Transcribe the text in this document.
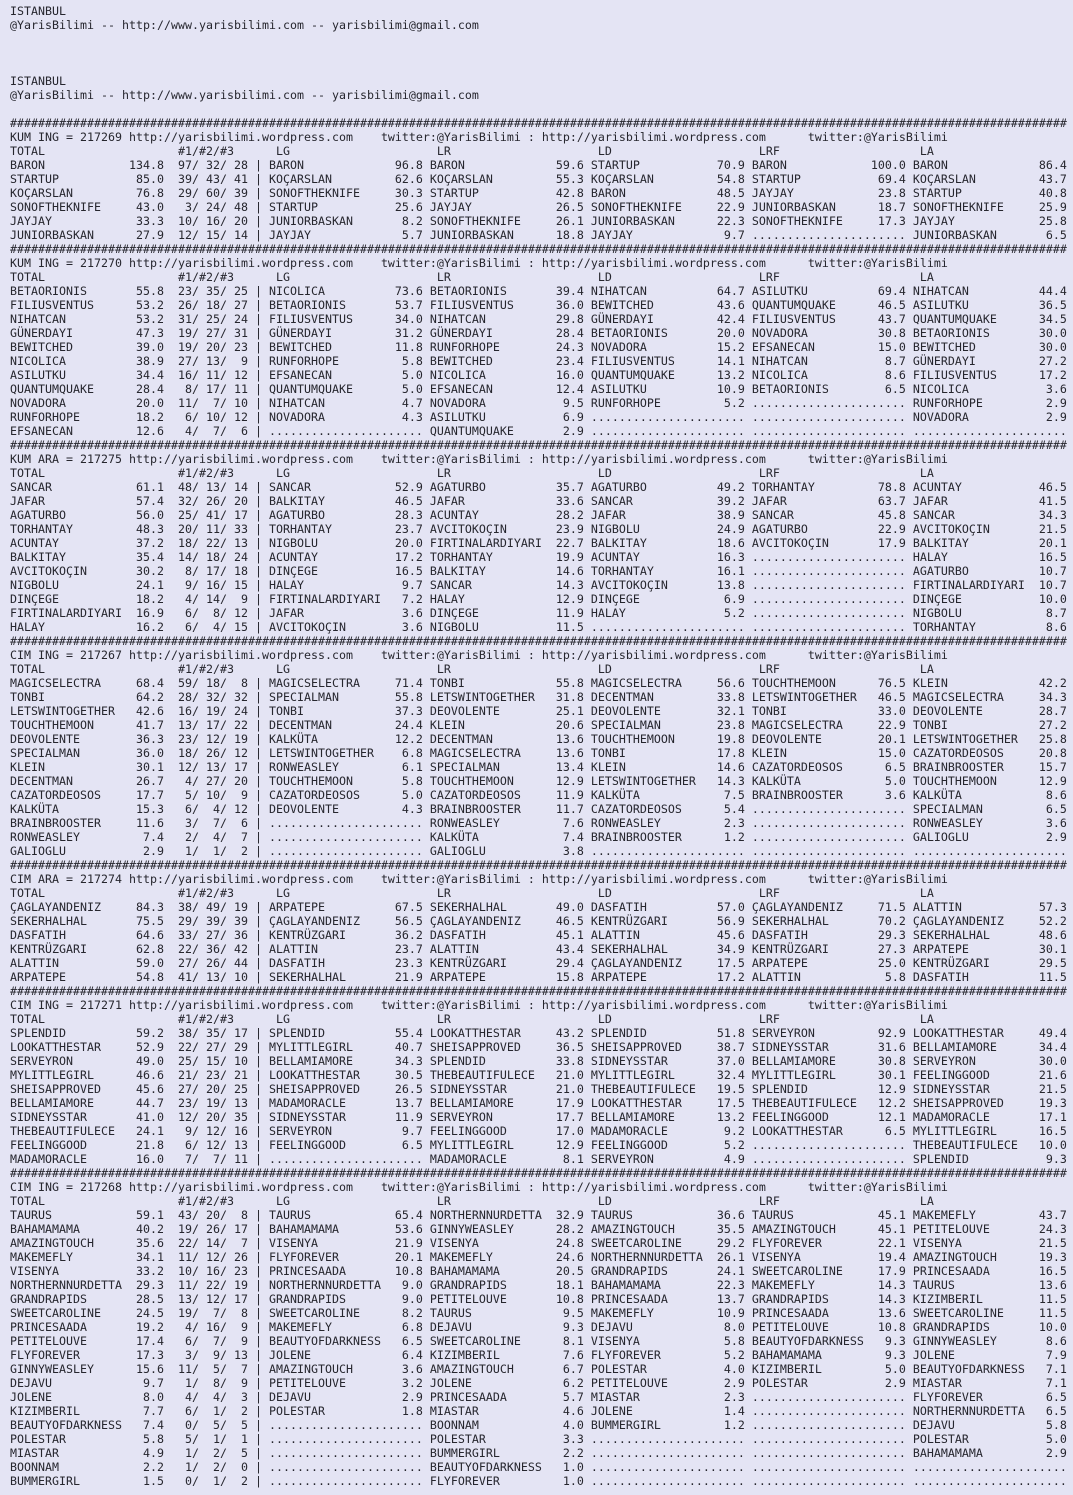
ISTANBUL
@YarisBilimi -- http://www.yarisbilimi.com -- yarisbilimi@gmail.com
ISTANBUL
@YarisBilimi -- http://www.yarisbilimi.com -- yarisbilimi@gmail.com
#######################################################################################################################################################
KUM ING = 217269 http://yarisbilimi.wordpress.com    twitter:@YarisBilimi : http://yarisbilimi.wordpress.com      twitter:@YarisBilimi
TOTAL                   #1/#2/#3      LG                     LR                     LD                     LRF                    LA
BARON            134.8  97/ 32/ 28 | BARON             96.8 BARON             59.6 STARTUP           70.9 BARON            100.0 BARON             86.4
STARTUP           85.0  39/ 43/ 41 | KOÇARSLAN         62.6 KOÇARSLAN         55.3 KOÇARSLAN         54.8 STARTUP           69.4 KOÇARSLAN         43.7
KOÇARSLAN         76.8  29/ 60/ 39 | SONOFTHEKNIFE     30.3 STARTUP           42.8 BARON             48.5 JAYJAY            23.8 STARTUP           40.8
SONOFTHEKNIFE     43.0   3/ 24/ 48 | STARTUP           25.6 JAYJAY            26.5 SONOFTHEKNIFE     22.9 JUNIORBASKAN      18.7 SONOFTHEKNIFE     25.9
JAYJAY            33.3  10/ 16/ 20 | JUNIORBASKAN       8.2 SONOFTHEKNIFE     26.1 JUNIORBASKAN      22.3 SONOFTHEKNIFE     17.3 JAYJAY            25.8
JUNIORBASKAN      27.9  12/ 15/ 14 | JAYJAY             5.7 JUNIORBASKAN      18.8 JAYJAY             9.7 ...................... JUNIORBASKAN       6.5
#######################################################################################################################################################
KUM ING = 217270 http://yarisbilimi.wordpress.com    twitter:@YarisBilimi : http://yarisbilimi.wordpress.com      twitter:@YarisBilimi
TOTAL                   #1/#2/#3      LG                     LR                     LD                     LRF                    LA
BETAORIONIS       55.8  23/ 35/ 25 | NICOLICA          73.6 BETAORIONIS       39.4 NIHATCAN          64.7 ASILUTKU          69.4 NIHATCAN          44.4
FILIUSVENTUS      53.2  26/ 18/ 27 | BETAORIONIS       53.7 FILIUSVENTUS      36.0 BEWITCHED         43.6 QUANTUMQUAKE      46.5 ASILUTKU          36.5
NIHATCAN          53.2  31/ 25/ 24 | FILIUSVENTUS      34.0 NIHATCAN          29.8 GÜNERDAYI         42.4 FILIUSVENTUS      43.7 QUANTUMQUAKE      34.5
GÜNERDAYI         47.3  19/ 27/ 31 | GÜNERDAYI         31.2 GÜNERDAYI         28.4 BETAORIONIS       20.0 NOVADORA          30.8 BETAORIONIS       30.0
BEWITCHED         39.0  19/ 20/ 23 | BEWITCHED         11.8 RUNFORHOPE        24.3 NOVADORA          15.2 EFSANECAN         15.0 BEWITCHED         30.0
NICOLICA          38.9  27/ 13/  9 | RUNFORHOPE         5.8 BEWITCHED         23.4 FILIUSVENTUS      14.1 NIHATCAN           8.7 GÜNERDAYI         27.2
ASILUTKU          34.4  16/ 11/ 12 | EFSANECAN          5.0 NICOLICA          16.0 QUANTUMQUAKE      13.2 NICOLICA           8.6 FILIUSVENTUS      17.2
QUANTUMQUAKE      28.4   8/ 17/ 11 | QUANTUMQUAKE       5.0 EFSANECAN         12.4 ASILUTKU          10.9 BETAORIONIS        6.5 NICOLICA           3.6
NOVADORA          20.0  11/  7/ 10 | NIHATCAN           4.7 NOVADORA           9.5 RUNFORHOPE         5.2 ...................... RUNFORHOPE         2.9
RUNFORHOPE        18.2   6/ 10/ 12 | NOVADORA           4.3 ASILUTKU           6.9 ...................... ...................... NOVADORA           2.9
EFSANECAN         12.6   4/  7/  6 | ...................... QUANTUMQUAKE       2.9 ...................... ...................... ......................
#######################################################################################################################################################
KUM ARA = 217275 http://yarisbilimi.wordpress.com    twitter:@YarisBilimi : http://yarisbilimi.wordpress.com      twitter:@YarisBilimi
TOTAL                   #1/#2/#3      LG                     LR                     LD                     LRF                    LA
SANCAR            61.1  48/ 13/ 14 | SANCAR            52.9 AGATURBO          35.7 AGATURBO          49.2 TORHANTAY         78.8 ACUNTAY           46.5
JAFAR             57.4  32/ 26/ 20 | BALKITAY          46.5 JAFAR             33.6 SANCAR            39.2 JAFAR             63.7 JAFAR             41.5
AGATURBO          56.0  25/ 41/ 17 | AGATURBO          28.3 ACUNTAY           28.2 JAFAR             38.9 SANCAR            45.8 SANCAR            34.3
TORHANTAY         48.3  20/ 11/ 33 | TORHANTAY         23.7 AVCITOKOÇIN       23.9 NIGBOLU           24.9 AGATURBO          22.9 AVCITOKOÇIN       21.5
ACUNTAY           37.2  18/ 22/ 13 | NIGBOLU           20.0 FIRTINALARDIYARI  22.7 BALKITAY          18.6 AVCITOKOÇIN       17.9 BALKITAY          20.1
BALKITAY          35.4  14/ 18/ 24 | ACUNTAY           17.2 TORHANTAY         19.9 ACUNTAY           16.3 ...................... HALAY             16.5
AVCITOKOÇIN       30.2   8/ 17/ 18 | DINÇEGE           16.5 BALKITAY          14.6 TORHANTAY         16.1 ...................... AGATURBO          10.7
NIGBOLU           24.1   9/ 16/ 15 | HALAY              9.7 SANCAR            14.3 AVCITOKOÇIN       13.8 ...................... FIRTINALARDIYARI  10.7
DINÇEGE           18.2   4/ 14/  9 | FIRTINALARDIYARI   7.2 HALAY             12.9 DINÇEGE            6.9 ...................... DINÇEGE           10.0
FIRTINALARDIYARI  16.9   6/  8/ 12 | JAFAR              3.6 DINÇEGE           11.9 HALAY              5.2 ...................... NIGBOLU            8.7
HALAY             16.2   6/  4/ 15 | AVCITOKOÇIN        3.6 NIGBOLU           11.5 ...................... ...................... TORHANTAY          8.6
#######################################################################################################################################################
CIM ING = 217267 http://yarisbilimi.wordpress.com    twitter:@YarisBilimi : http://yarisbilimi.wordpress.com      twitter:@YarisBilimi
TOTAL                   #1/#2/#3      LG                     LR                     LD                     LRF                    LA
MAGICSELECTRA     68.4  59/ 18/  8 | MAGICSELECTRA     71.4 TONBI             55.8 MAGICSELECTRA     56.6 TOUCHTHEMOON      76.5 KLEIN             42.2
TONBI             64.2  28/ 32/ 32 | SPECIALMAN        55.8 LETSWINTOGETHER   31.8 DECENTMAN         33.8 LETSWINTOGETHER   46.5 MAGICSELECTRA     34.3
LETSWINTOGETHER   42.6  16/ 19/ 24 | TONBI             37.3 DEOVOLENTE        25.1 DEOVOLENTE        32.1 TONBI             33.0 DEOVOLENTE        28.7
TOUCHTHEMOON      41.7  13/ 17/ 22 | DECENTMAN         24.4 KLEIN             20.6 SPECIALMAN        23.8 MAGICSELECTRA     22.9 TONBI             27.2
DEOVOLENTE        36.3  23/ 12/ 19 | KALKÜTA           12.2 DECENTMAN         13.6 TOUCHTHEMOON      19.8 DEOVOLENTE        20.1 LETSWINTOGETHER   25.8
SPECIALMAN        36.0  18/ 26/ 12 | LETSWINTOGETHER    6.8 MAGICSELECTRA     13.6 TONBI             17.8 KLEIN             15.0 CAZATORDEOSOS     20.8
KLEIN             30.1  12/ 13/ 17 | RONWEASLEY         6.1 SPECIALMAN        13.4 KLEIN             14.6 CAZATORDEOSOS      6.5 BRAINBROOSTER     15.7
DECENTMAN         26.7   4/ 27/ 20 | TOUCHTHEMOON       5.8 TOUCHTHEMOON      12.9 LETSWINTOGETHER   14.3 KALKÜTA            5.0 TOUCHTHEMOON      12.9
CAZATORDEOSOS     17.7   5/ 10/  9 | CAZATORDEOSOS      5.0 CAZATORDEOSOS     11.9 KALKÜTA            7.5 BRAINBROOSTER      3.6 KALKÜTA            8.6
KALKÜTA           15.3   6/  4/ 12 | DEOVOLENTE         4.3 BRAINBROOSTER     11.7 CAZATORDEOSOS      5.4 ...................... SPECIALMAN         6.5
BRAINBROOSTER     11.6   3/  7/  6 | ...................... RONWEASLEY         7.6 RONWEASLEY         2.3 ...................... RONWEASLEY         3.6
RONWEASLEY         7.4   2/  4/  7 | ...................... KALKÜTA            7.4 BRAINBROOSTER      1.2 ...................... GALIOGLU           2.9
GALIOGLU           2.9   1/  1/  2 | ...................... GALIOGLU           3.8 ...................... ...................... ......................
#######################################################################################################################################################
CIM ARA = 217274 http://yarisbilimi.wordpress.com    twitter:@YarisBilimi : http://yarisbilimi.wordpress.com      twitter:@YarisBilimi
TOTAL                   #1/#2/#3      LG                     LR                     LD                     LRF                    LA
ÇAGLAYANDENIZ     84.3  38/ 49/ 19 | ARPATEPE          67.5 SEKERHALHAL       49.0 DASFATIH          57.0 ÇAGLAYANDENIZ     71.5 ALATTIN           57.3
SEKERHALHAL       75.5  29/ 39/ 39 | ÇAGLAYANDENIZ     56.5 ÇAGLAYANDENIZ     46.5 KENTRÜZGARI       56.9 SEKERHALHAL       70.2 ÇAGLAYANDENIZ     52.2
DASFATIH          64.6  33/ 27/ 36 | KENTRÜZGARI       36.2 DASFATIH          45.1 ALATTIN           45.6 DASFATIH          29.3 SEKERHALHAL       48.6
KENTRÜZGARI       62.8  22/ 36/ 42 | ALATTIN           23.7 ALATTIN           43.4 SEKERHALHAL       34.9 KENTRÜZGARI       27.3 ARPATEPE          30.1
ALATTIN           59.0  27/ 26/ 44 | DASFATIH          23.3 KENTRÜZGARI       29.4 ÇAGLAYANDENIZ     17.5 ARPATEPE          25.0 KENTRÜZGARI       29.5
ARPATEPE          54.8  41/ 13/ 10 | SEKERHALHAL       21.9 ARPATEPE          15.8 ARPATEPE          17.2 ALATTIN            5.8 DASFATIH          11.5
#######################################################################################################################################################
CIM ING = 217271 http://yarisbilimi.wordpress.com    twitter:@YarisBilimi : http://yarisbilimi.wordpress.com      twitter:@YarisBilimi
TOTAL                   #1/#2/#3      LG                     LR                     LD                     LRF                    LA
SPLENDID          59.2  38/ 35/ 17 | SPLENDID          55.4 LOOKATTHESTAR     43.2 SPLENDID          51.8 SERVEYRON         92.9 LOOKATTHESTAR     49.4
LOOKATTHESTAR     52.9  22/ 27/ 29 | MYLITTLEGIRL      40.7 SHEISAPPROVED     36.5 SHEISAPPROVED     38.7 SIDNEYSSTAR       31.6 BELLAMIAMORE      34.4
SERVEYRON         49.0  25/ 15/ 10 | BELLAMIAMORE      34.3 SPLENDID          33.8 SIDNEYSSTAR       37.0 BELLAMIAMORE      30.8 SERVEYRON         30.0
MYLITTLEGIRL      46.6  21/ 23/ 21 | LOOKATTHESTAR     30.5 THEBEAUTIFULECE   21.0 MYLITTLEGIRL      32.4 MYLITTLEGIRL      30.1 FEELINGGOOD       21.6
SHEISAPPROVED     45.6  27/ 20/ 25 | SHEISAPPROVED     26.5 SIDNEYSSTAR       21.0 THEBEAUTIFULECE   19.5 SPLENDID          12.9 SIDNEYSSTAR       21.5
BELLAMIAMORE      44.7  23/ 19/ 13 | MADAMORACLE       13.7 BELLAMIAMORE      17.9 LOOKATTHESTAR     17.5 THEBEAUTIFULECE   12.2 SHEISAPPROVED     19.3
SIDNEYSSTAR       41.0  12/ 20/ 35 | SIDNEYSSTAR       11.9 SERVEYRON         17.7 BELLAMIAMORE      13.2 FEELINGGOOD       12.1 MADAMORACLE       17.1
THEBEAUTIFULECE   24.1   9/ 12/ 16 | SERVEYRON          9.7 FEELINGGOOD       17.0 MADAMORACLE        9.2 LOOKATTHESTAR      6.5 MYLITTLEGIRL      16.5
FEELINGGOOD       21.8   6/ 12/ 13 | FEELINGGOOD        6.5 MYLITTLEGIRL      12.9 FEELINGGOOD        5.2 ...................... THEBEAUTIFULECE   10.0
MADAMORACLE       16.0   7/  7/ 11 | ...................... MADAMORACLE        8.1 SERVEYRON          4.9 ...................... SPLENDID           9.3
#######################################################################################################################################################
CIM ING = 217268 http://yarisbilimi.wordpress.com    twitter:@YarisBilimi : http://yarisbilimi.wordpress.com      twitter:@YarisBilimi
TOTAL                   #1/#2/#3      LG                     LR                     LD                     LRF                    LA
TAURUS            59.1  43/ 20/  8 | TAURUS            65.4 NORTHERNNURDETTA  32.9 TAURUS            36.6 TAURUS            45.1 MAKEMEFLY         43.7
BAHAMAMAMA        40.2  19/ 26/ 17 | BAHAMAMAMA        53.6 GINNYWEASLEY      28.2 AMAZINGTOUCH      35.5 AMAZINGTOUCH      45.1 PETITELOUVE       24.3
AMAZINGTOUCH      35.6  22/ 14/  7 | VISENYA           21.9 VISENYA           24.8 SWEETCAROLINE     29.2 FLYFOREVER        22.1 VISENYA           21.5
MAKEMEFLY         34.1  11/ 12/ 26 | FLYFOREVER        20.1 MAKEMEFLY         24.6 NORTHERNNURDETTA  26.1 VISENYA           19.4 AMAZINGTOUCH      19.3
VISENYA           33.2  10/ 16/ 23 | PRINCESAADA       10.8 BAHAMAMAMA        20.5 GRANDRAPIDS       24.1 SWEETCAROLINE     17.9 PRINCESAADA       16.5
NORTHERNNURDETTA  29.3  11/ 22/ 19 | NORTHERNNURDETTA   9.0 GRANDRAPIDS       18.1 BAHAMAMAMA        22.3 MAKEMEFLY         14.3 TAURUS            13.6
GRANDRAPIDS       28.5  13/ 12/ 17 | GRANDRAPIDS        9.0 PETITELOUVE       10.8 PRINCESAADA       13.7 GRANDRAPIDS       14.3 KIZIMBERIL        11.5
SWEETCAROLINE     24.5  19/  7/  8 | SWEETCAROLINE      8.2 TAURUS             9.5 MAKEMEFLY         10.9 PRINCESAADA       13.6 SWEETCAROLINE     11.5
PRINCESAADA       19.2   4/ 16/  9 | MAKEMEFLY          6.8 DEJAVU             9.3 DEJAVU             8.0 PETITELOUVE       10.8 GRANDRAPIDS       10.0
PETITELOUVE       17.4   6/  7/  9 | BEAUTYOFDARKNESS   6.5 SWEETCAROLINE      8.1 VISENYA            5.8 BEAUTYOFDARKNESS   9.3 GINNYWEASLEY       8.6
FLYFOREVER        17.3   3/  9/ 13 | JOLENE             6.4 KIZIMBERIL         7.6 FLYFOREVER         5.2 BAHAMAMAMA         9.3 JOLENE             7.9
GINNYWEASLEY      15.6  11/  5/  7 | AMAZINGTOUCH       3.6 AMAZINGTOUCH       6.7 POLESTAR           4.0 KIZIMBERIL         5.0 BEAUTYOFDARKNESS   7.1
DEJAVU             9.7   1/  8/  9 | PETITELOUVE        3.2 JOLENE             6.2 PETITELOUVE        2.9 POLESTAR           2.9 MIASTAR            7.1
JOLENE             8.0   4/  4/  3 | DEJAVU             2.9 PRINCESAADA        5.7 MIASTAR            2.3 ...................... FLYFOREVER         6.5
KIZIMBERIL         7.7   6/  1/  2 | POLESTAR           1.8 MIASTAR            4.6 JOLENE             1.4 ...................... NORTHERNNURDETTA   6.5
BEAUTYOFDARKNESS   7.4   0/  5/  5 | ...................... BOONNAM            4.0 BUMMERGIRL         1.2 ...................... DEJAVU             5.8
POLESTAR           5.8   5/  1/  1 | ...................... POLESTAR           3.3 ...................... ...................... POLESTAR           5.0
MIASTAR            4.9   1/  2/  5 | ...................... BUMMERGIRL         2.2 ...................... ...................... BAHAMAMAMA         2.9
BOONNAM            2.2   1/  2/  0 | ...................... BEAUTYOFDARKNESS   1.0 ...................... ...................... ......................
BUMMERGIRL         1.5   0/  1/  2 | ...................... FLYFOREVER         1.0 ...................... ...................... ......................
